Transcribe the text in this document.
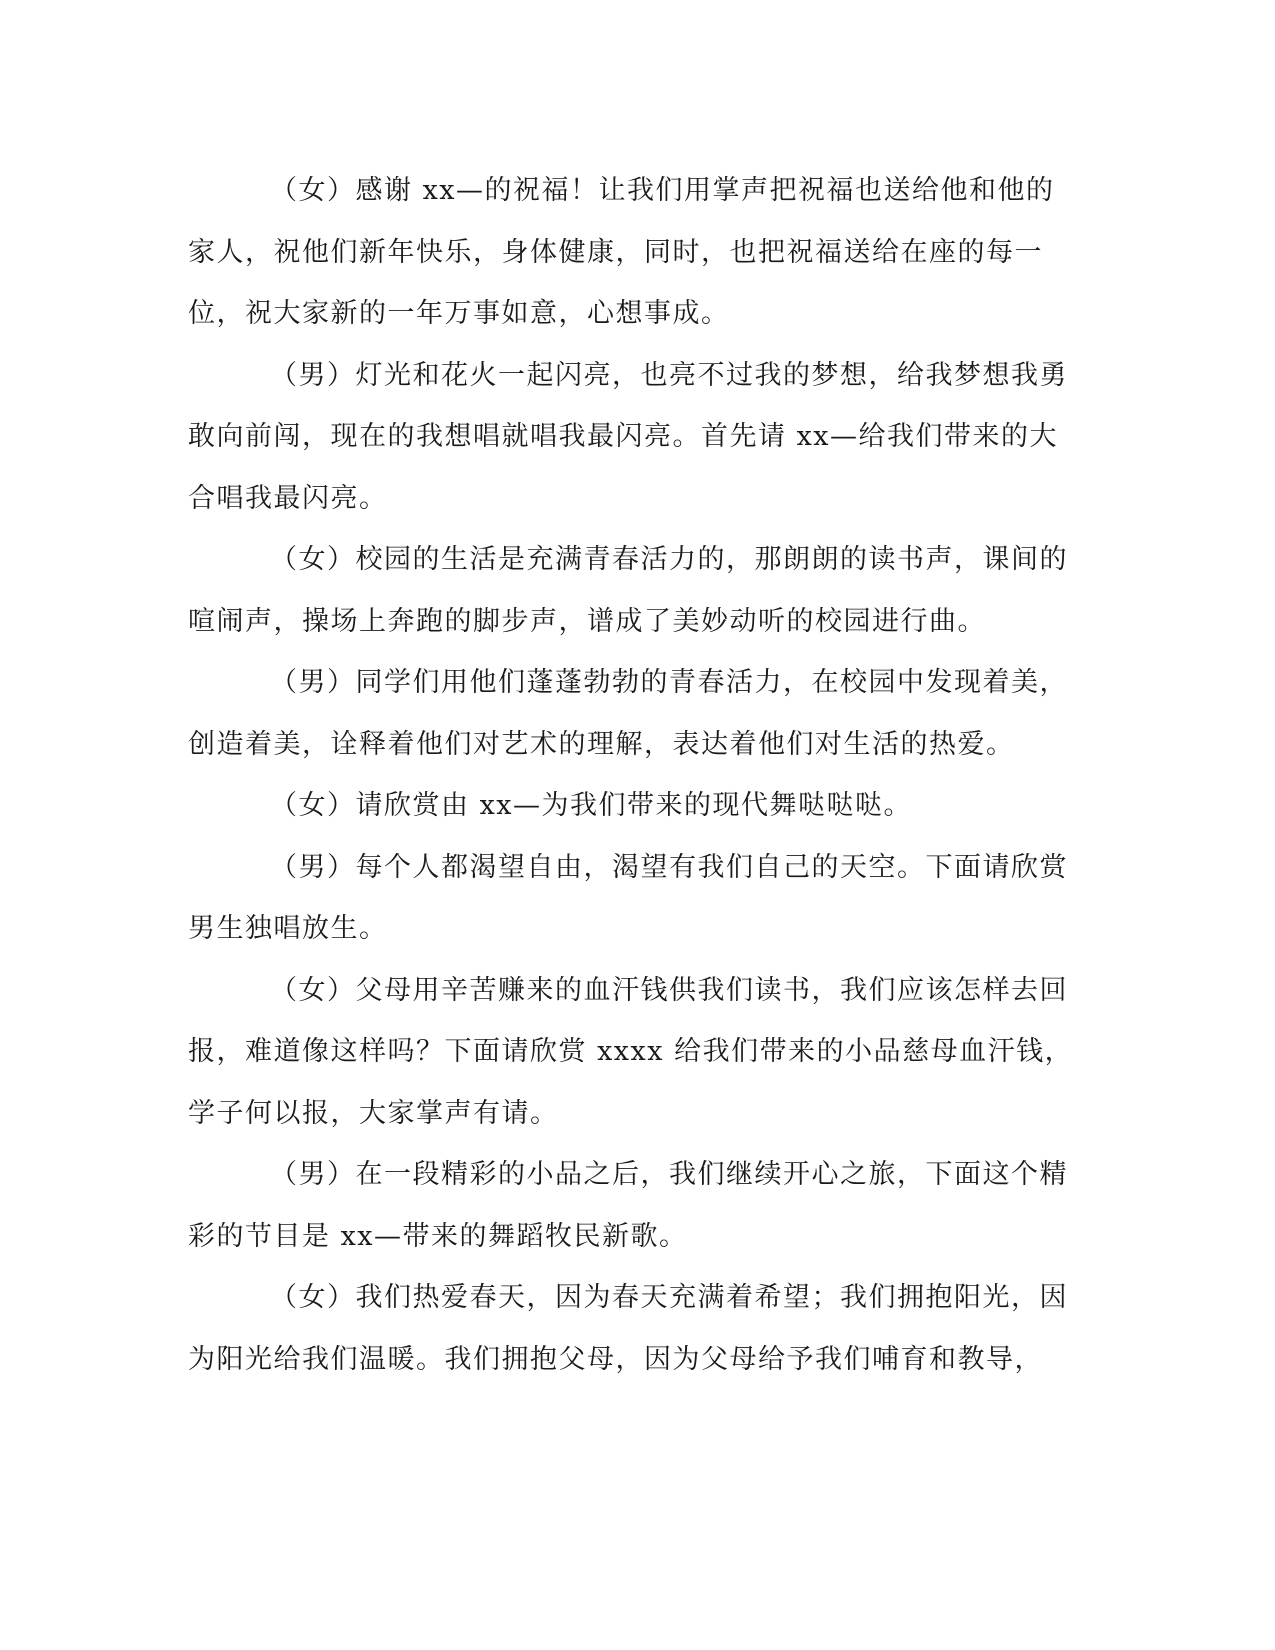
（女）感谢 xx—的祝福！让我们用掌声把祝福也送给他和他的家人，祝他们新年快乐，身体健康，同时，也把祝福送给在座的每一位，祝大家新的一年万事如意，心想事成。

（男）灯光和花火一起闪亮，也亮不过我的梦想，给我梦想我勇敢向前闯，现在的我想唱就唱我最闪亮。首先请 xx—给我们带来的大合唱我最闪亮。

（女）校园的生活是充满青春活力的，那朗朗的读书声，课间的喧闹声，操场上奔跑的脚步声，谱成了美妙动听的校园进行曲。

（男）同学们用他们蓬蓬勃勃的青春活力，在校园中发现着美，创造着美，诠释着他们对艺术的理解，表达着他们对生活的热爱。

（女）请欣赏由 xx—为我们带来的现代舞哒哒哒。

（男）每个人都渴望自由，渴望有我们自己的天空。下面请欣赏男生独唱放生。

（女）父母用辛苦赚来的血汗钱供我们读书，我们应该怎样去回报，难道像这样吗？下面请欣赏 xxxx 给我们带来的小品慈母血汗钱，学子何以报，大家掌声有请。

（男）在一段精彩的小品之后，我们继续开心之旅，下面这个精彩的节目是 xx—带来的舞蹈牧民新歌。

（女）我们热爱春天，因为春天充满着希望；我们拥抱阳光，因为阳光给我们温暖。我们拥抱父母，因为父母给予我们哺育和教导，
